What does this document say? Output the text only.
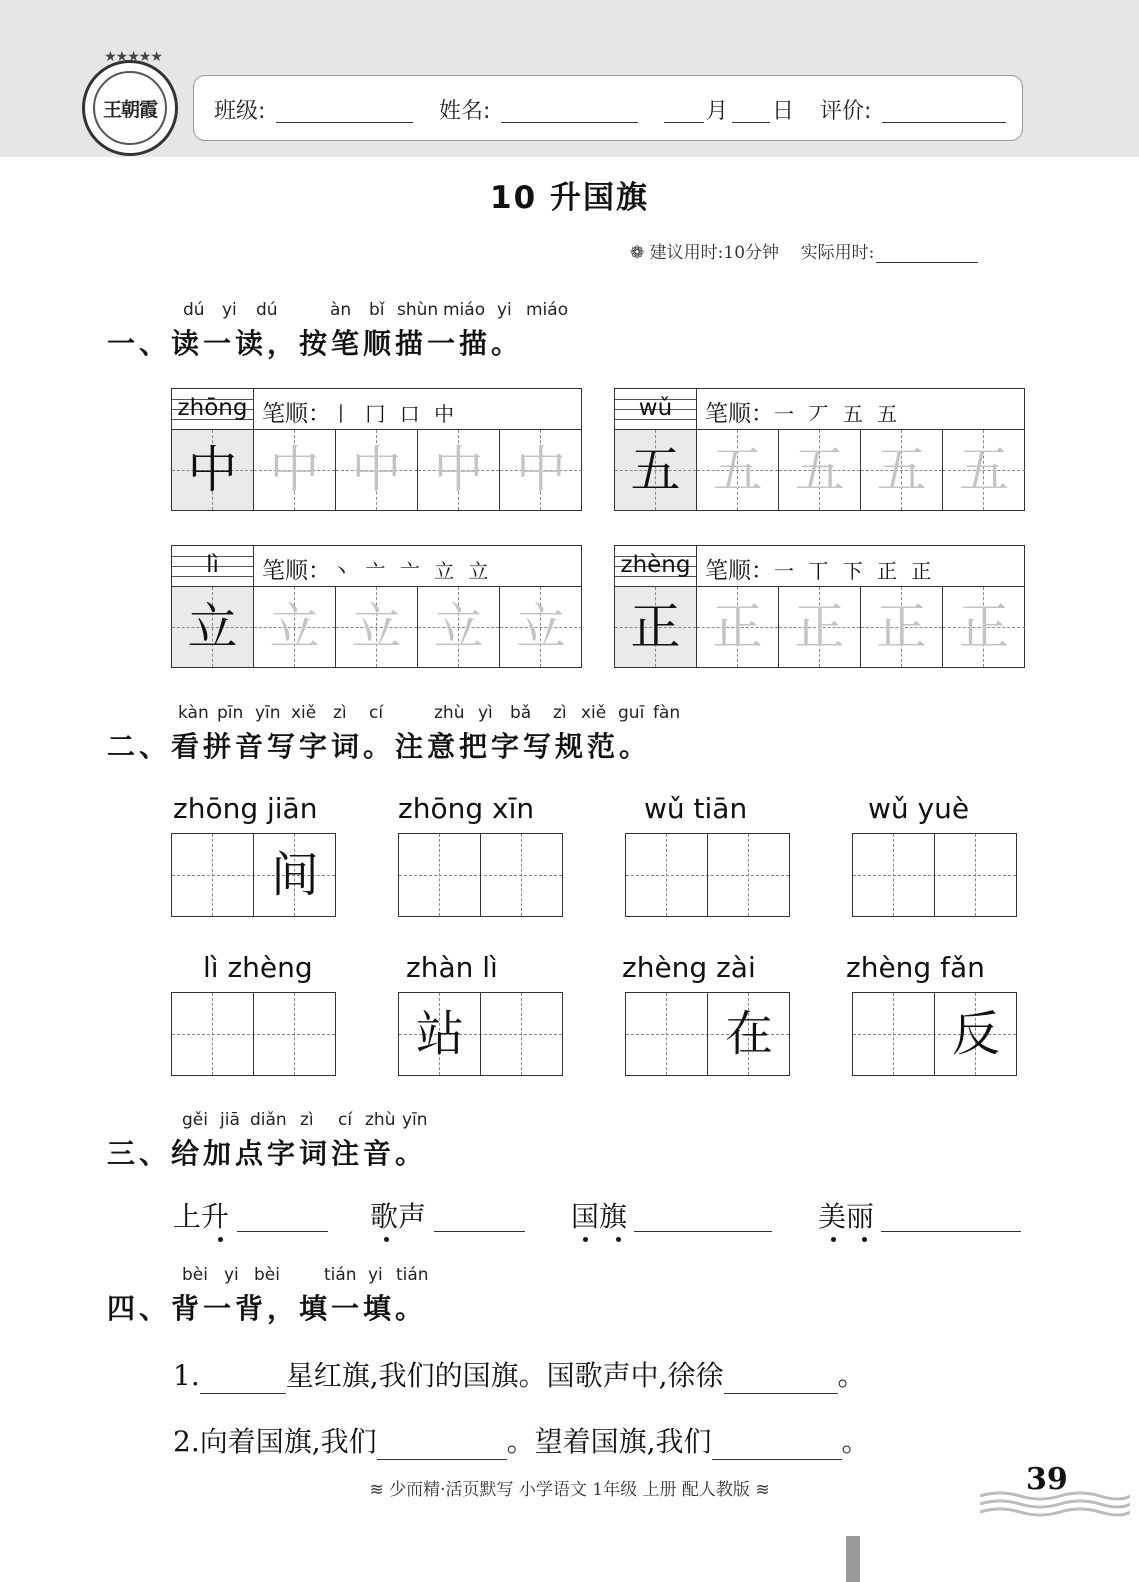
★★★★★
王朝霞	班级:	姓名:	月 日 评价:
10 升国旗
❁ 建议用时:10分钟 实际用时:
dú yi dú	àn bǐ shùn miáo yi miáo
一、读一读，按笔顺描一描。
zhōng 笔顺：丨 冂 口 中
中 中 中 中 中
wǔ	笔顺：一 丆 五 五
五 五 五 五 五
lì	笔顺：丶 亠 亠 立 立
立 立 立 立 立
zhèng 笔顺：一 丅 下 正 正
正 正 正 正 正
kàn pīn yīn xiě zì cí	zhù yì bǎ zì xiě guī fàn
二、看拼音写字词。注意把字写规范。
zhōng jiān
间
zhōng xīn	wǔ tiān	wǔ yuè
lì zhèng	zhàn lì
站
zhèng zài
在
zhèng fǎn
反
gěi jiā diǎn zì cí zhù yīn
三、给加点字词注音。
上升	歌声	国旗	美丽
bèi yi bèi	tián yi tián
四、背一背，填一填。
1.	星红旗,我们的国旗。国歌声中,徐徐	。
2.向着国旗,我们	。望着国旗,我们	。
≋ 少而精·活页默写 小学语文 1年级 上册 配人教版 ≋	39
